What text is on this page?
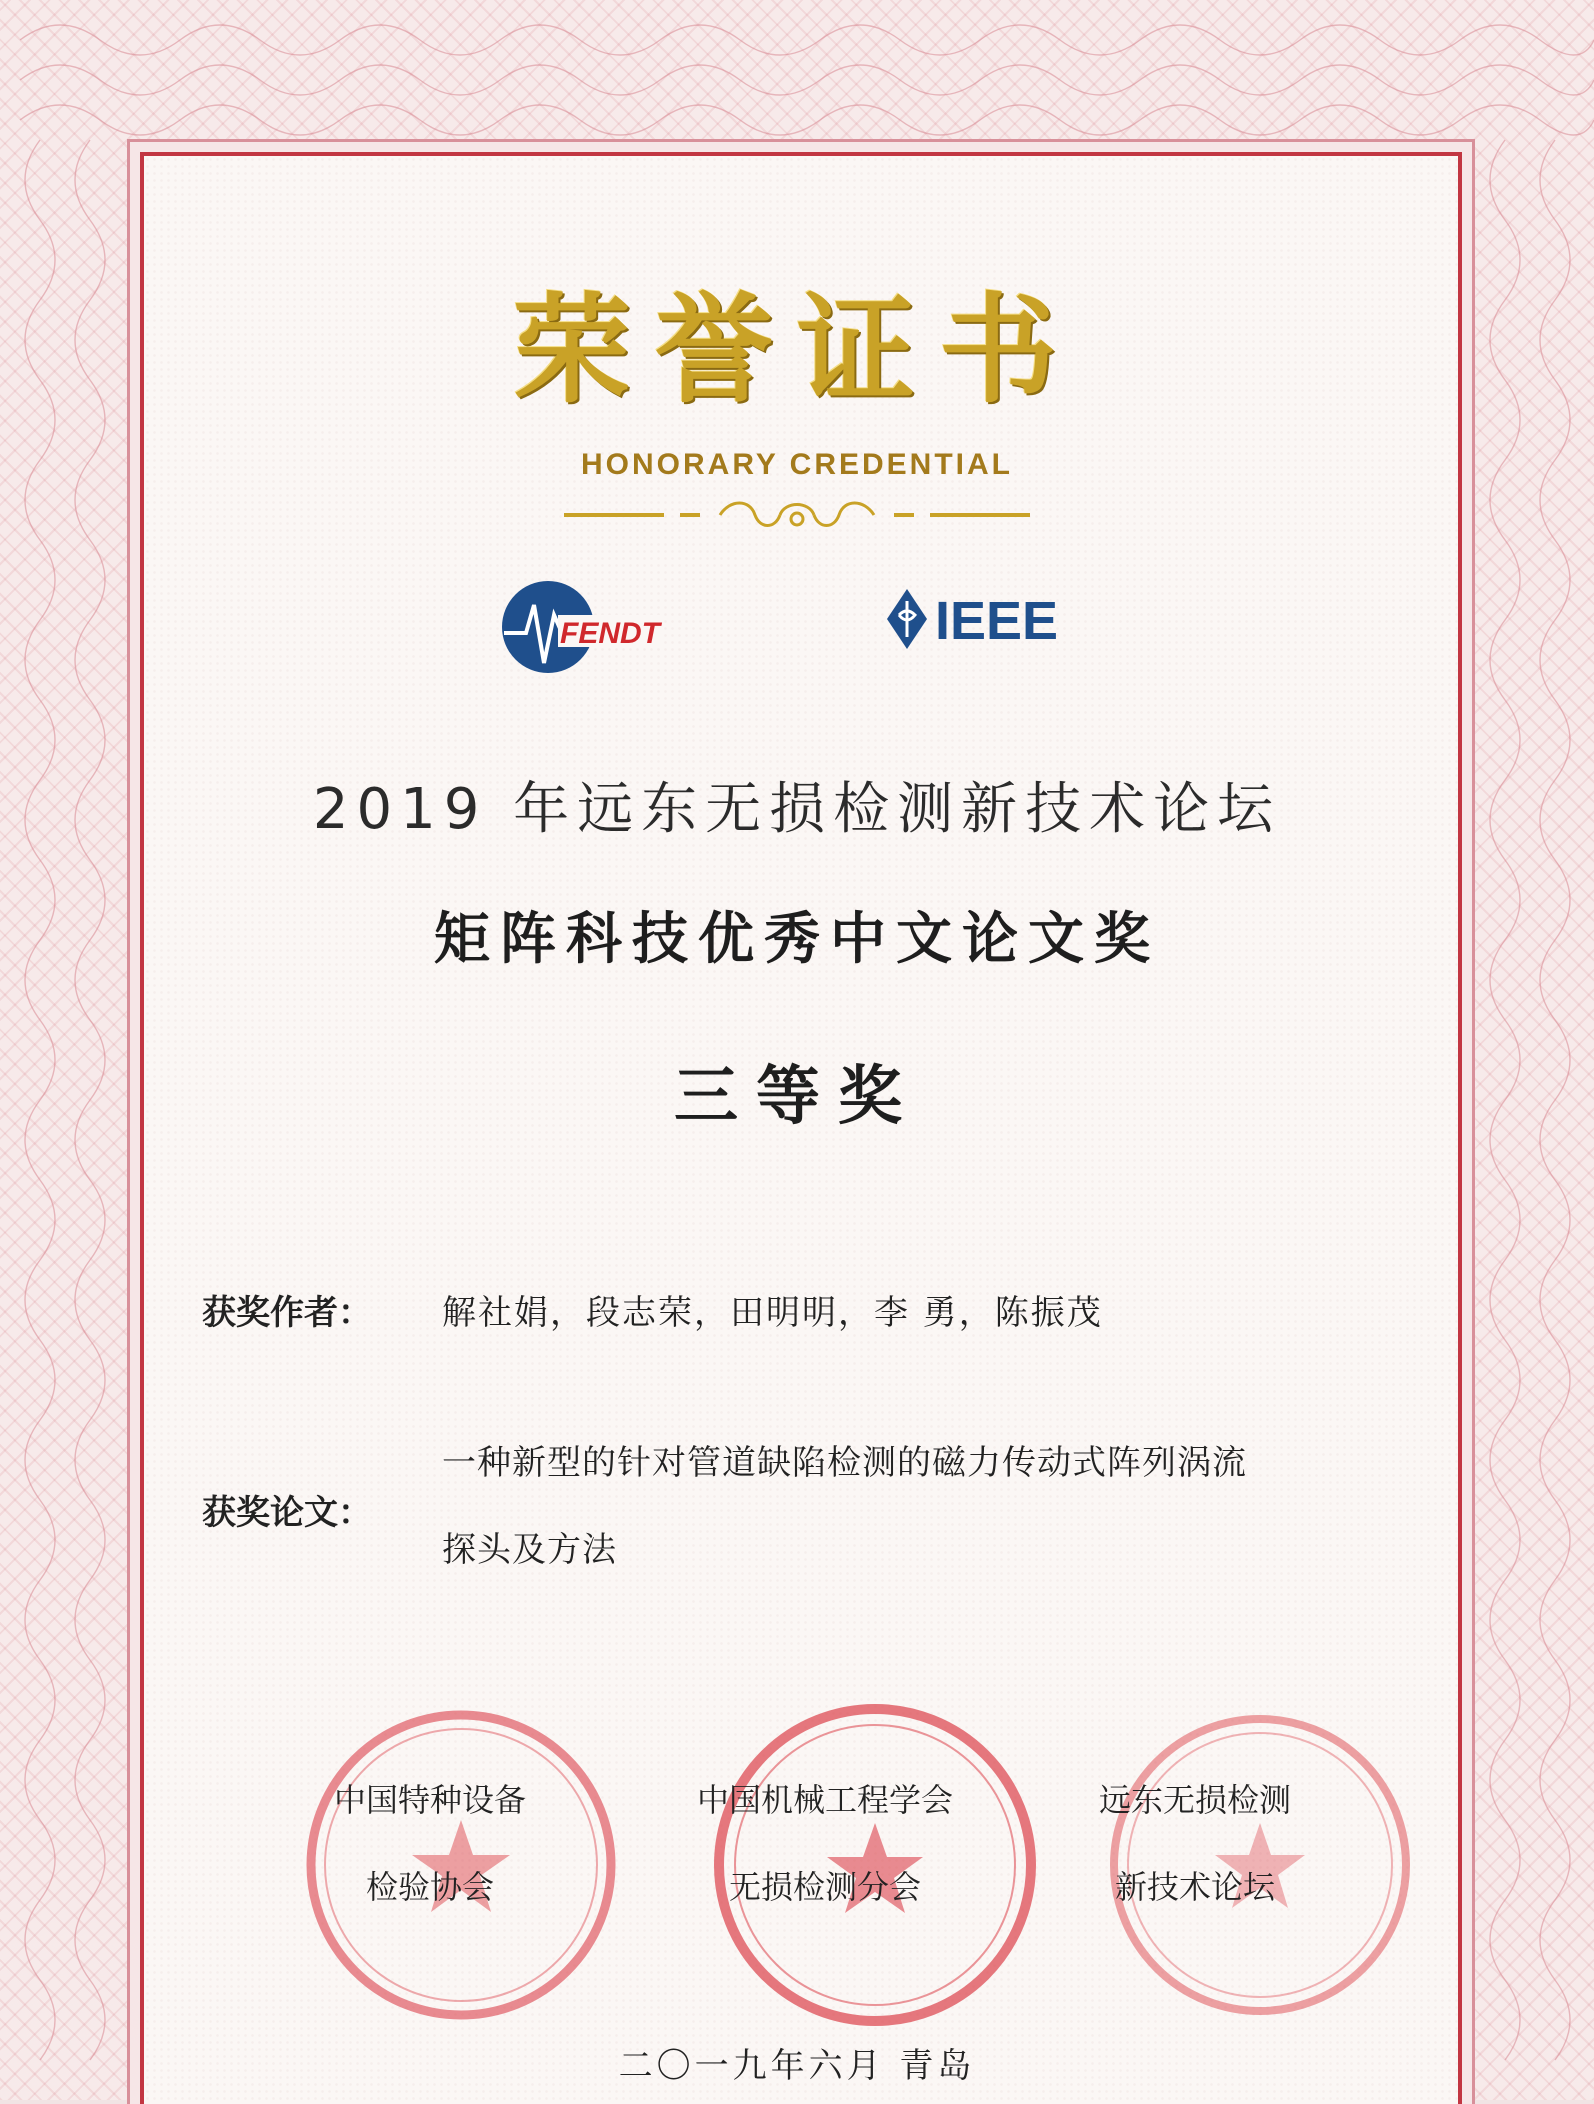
荣誉证书
HONORARY CREDENTIAL
FENDT	IEEE
2019 年远东无损检测新技术论坛
矩阵科技优秀中文论文奖
三等奖
获奖作者： 解社娟，段志荣，田明明，李 勇，陈振茂
获奖论文：
一种新型的针对管道缺陷检测的磁力传动式阵列涡流
探头及方法
中国特种设备
检验协会
中国机械工程学会
无损检测分会
远东无损检测
新技术论坛
二〇一九年六月 青岛
